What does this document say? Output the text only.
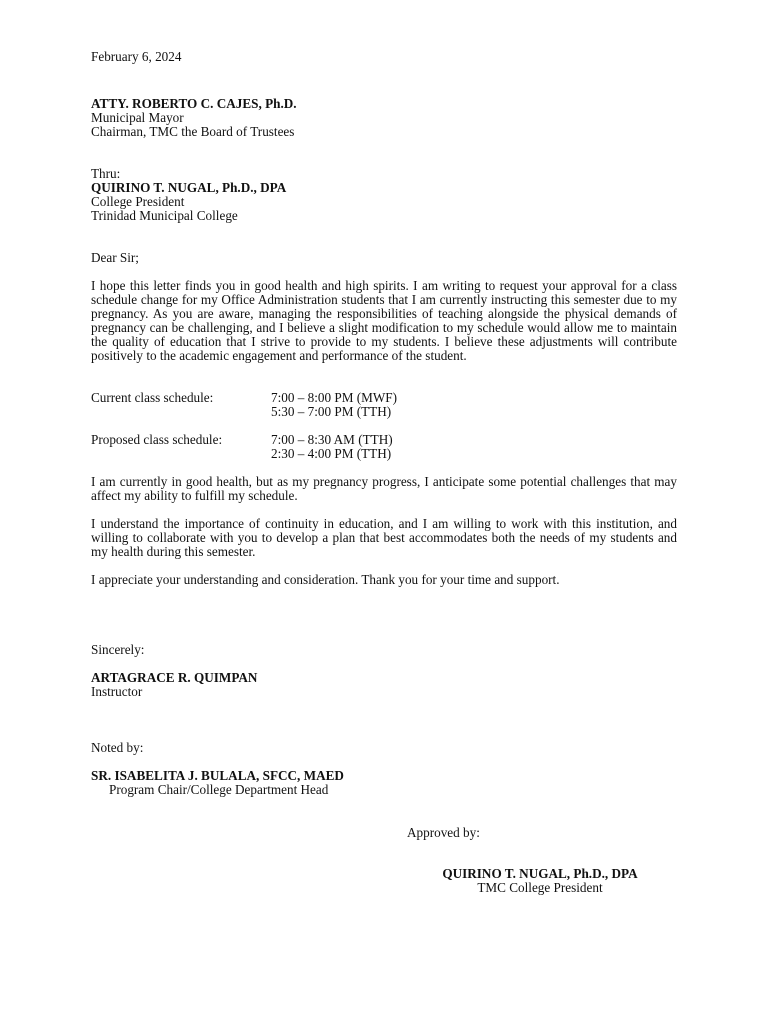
February 6, 2024
ATTY. ROBERTO C. CAJES, Ph.D.
Municipal Mayor
Chairman, TMC the Board of Trustees
Thru:
QUIRINO T. NUGAL, Ph.D., DPA
College President
Trinidad Municipal College
Dear Sir;

I hope this letter finds you in good health and high spirits. I am writing to request your approval for a class schedule change for my Office Administration students that I am currently instructing this semester due to my pregnancy. As you are aware, managing the responsibilities of teaching alongside the physical demands of pregnancy can be challenging, and I believe a slight modification to my schedule would allow me to maintain the quality of education that I strive to provide to my students. I believe these adjustments will contribute positively to the academic engagement and performance of the student.

Current class schedule:	7:00 – 8:00 PM (MWF)
5:30 – 7:00 PM (TTH)
Proposed class schedule:	7:00 – 8:30 AM (TTH)
2:30 – 4:00 PM (TTH)

I am currently in good health, but as my pregnancy progress, I anticipate some potential challenges that may affect my ability to fulfill my schedule.

I understand the importance of continuity in education, and I am willing to work with this institution, and willing to collaborate with you to develop a plan that best accommodates both the needs of my students and my health during this semester.

I appreciate your understanding and consideration. Thank you for your time and support.

Sincerely:
ARTAGRACE R. QUIMPAN
Instructor
Noted by:
SR. ISABELITA J. BULALA, SFCC, MAED
Program Chair/College Department Head
Approved by:
QUIRINO T. NUGAL, Ph.D., DPA
TMC College President
